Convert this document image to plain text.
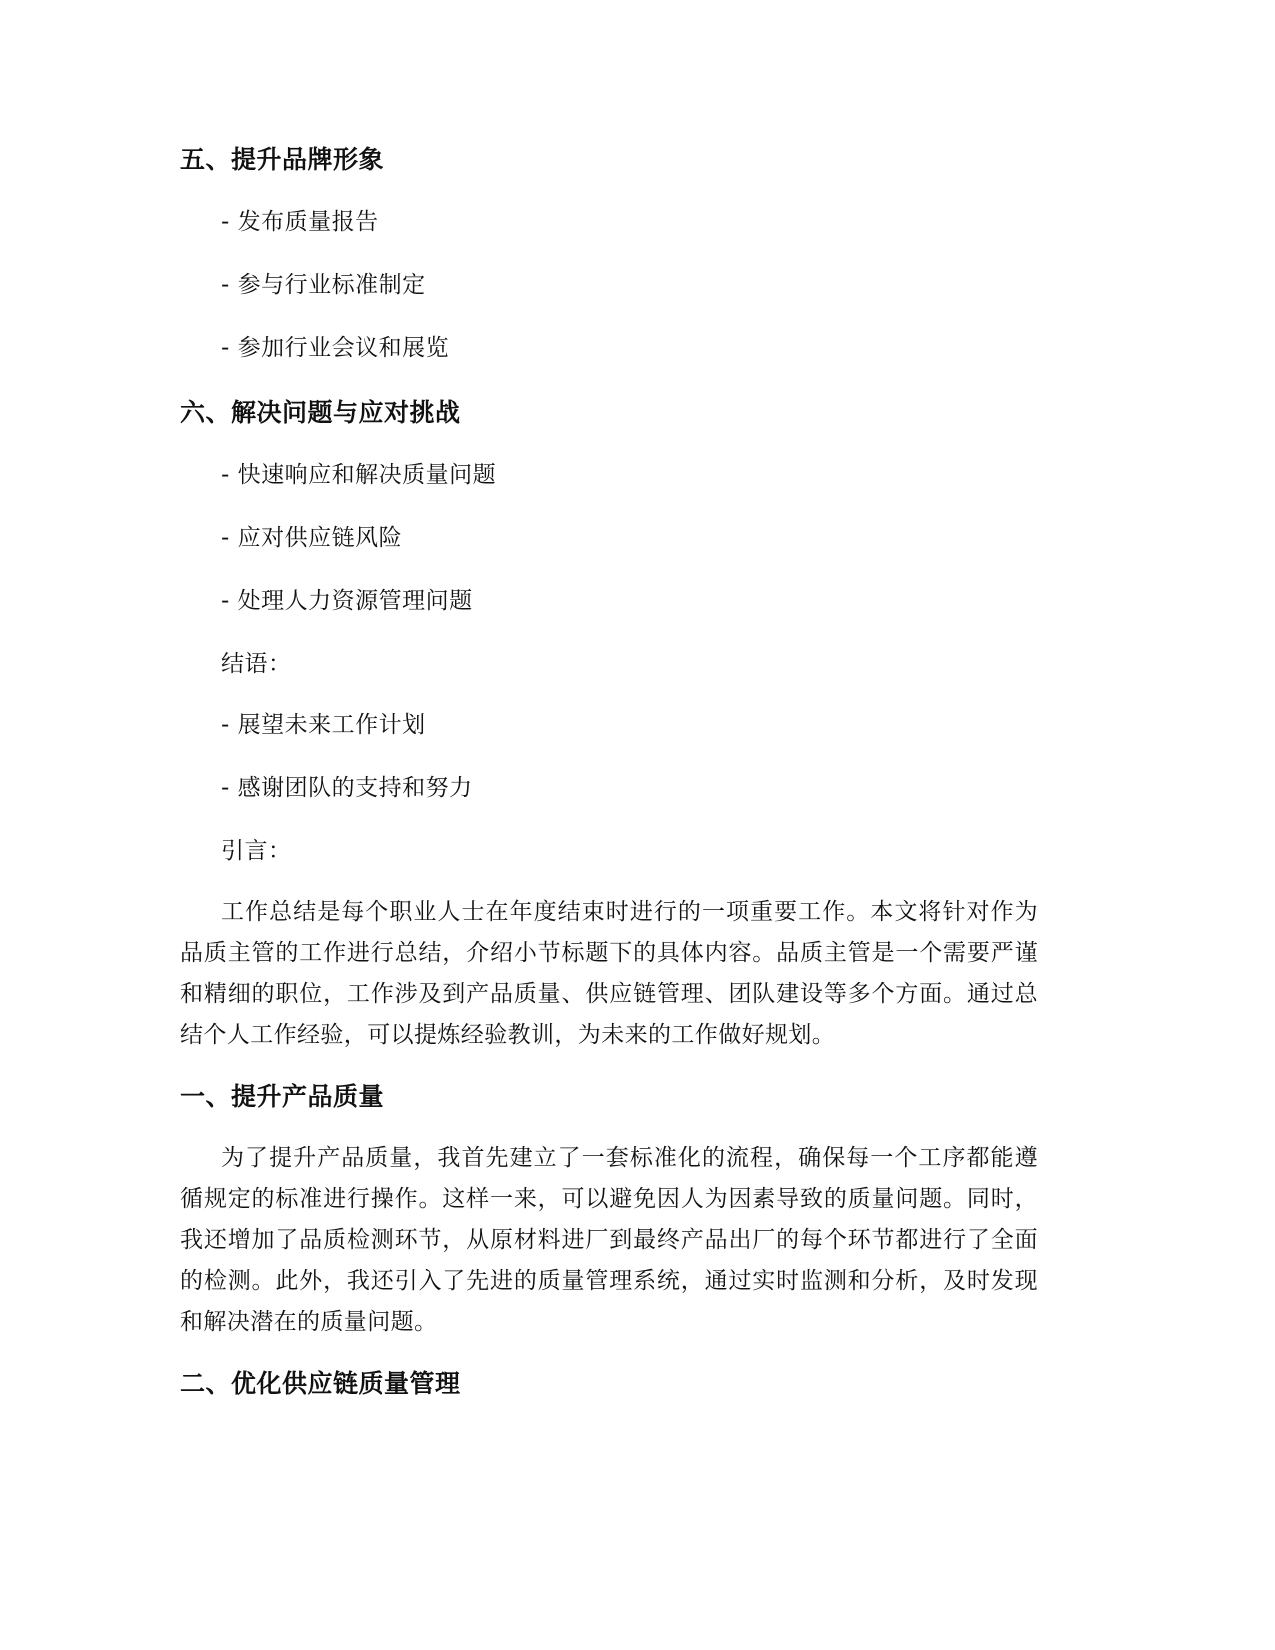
五、提升品牌形象
- 发布质量报告
- 参与行业标准制定
- 参加行业会议和展览
六、解决问题与应对挑战
- 快速响应和解决质量问题
- 应对供应链风险
- 处理人力资源管理问题
结语：
- 展望未来工作计划
- 感谢团队的支持和努力
引言：
工作总结是每个职业人士在年度结束时进行的一项重要工作。本文将针对作为品质主管的工作进行总结，介绍小节标题下的具体内容。品质主管是一个需要严谨和精细的职位，工作涉及到产品质量、供应链管理、团队建设等多个方面。通过总结个人工作经验，可以提炼经验教训，为未来的工作做好规划。
一、提升产品质量
为了提升产品质量，我首先建立了一套标准化的流程，确保每一个工序都能遵循规定的标准进行操作。这样一来，可以避免因人为因素导致的质量问题。同时，我还增加了品质检测环节，从原材料进厂到最终产品出厂的每个环节都进行了全面的检测。此外，我还引入了先进的质量管理系统，通过实时监测和分析，及时发现和解决潜在的质量问题。
二、优化供应链质量管理
